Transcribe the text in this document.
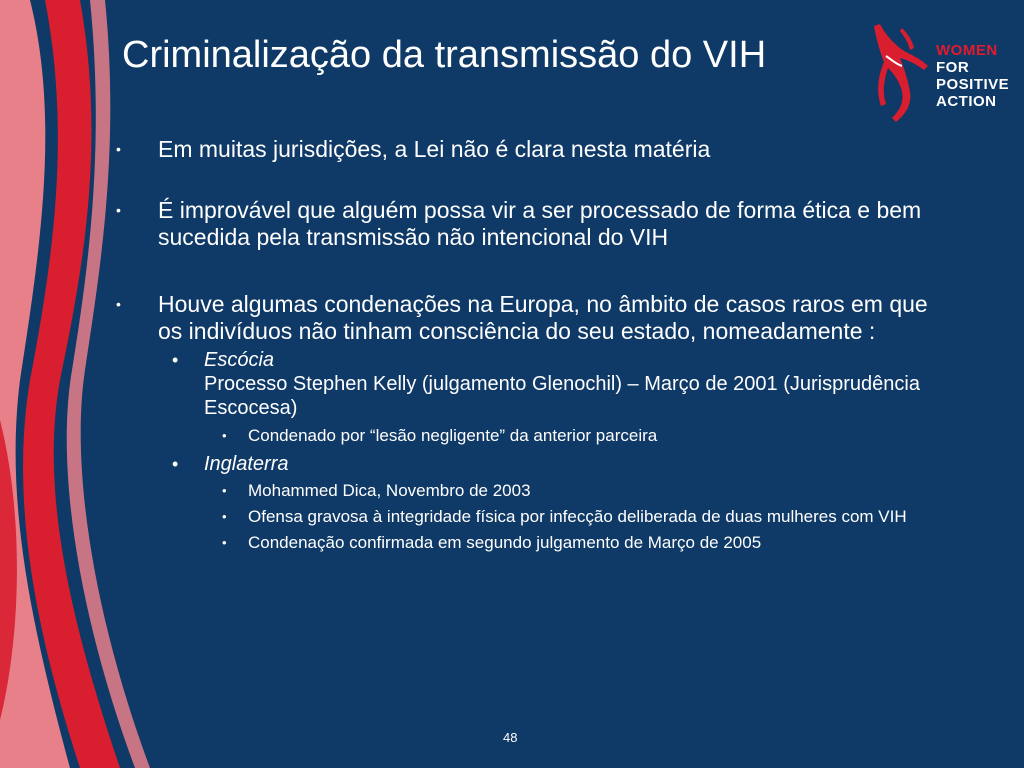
Criminalização da transmissão do VIH	WOMEN
FOR
POSITIVE
ACTION
• Em muitas jurisdições, a Lei não é clara nesta matéria
• É improvável que alguém possa vir a ser processado de forma ética e bem sucedida pela transmissão não intencional do VIH
• Houve algumas condenações na Europa, no âmbito de casos raros em que os indivíduos não tinham consciência do seu estado, nomeadamente :
• Escócia
Processo Stephen Kelly (julgamento Glenochil) – Março de 2001 (Jurisprudência Escocesa)
• Condenado por “lesão negligente” da anterior parceira
• Inglaterra
• Mohammed Dica, Novembro de 2003
• Ofensa gravosa à integridade física por infecção deliberada de duas mulheres com VIH
• Condenação confirmada em segundo julgamento de Março de 2005
48
